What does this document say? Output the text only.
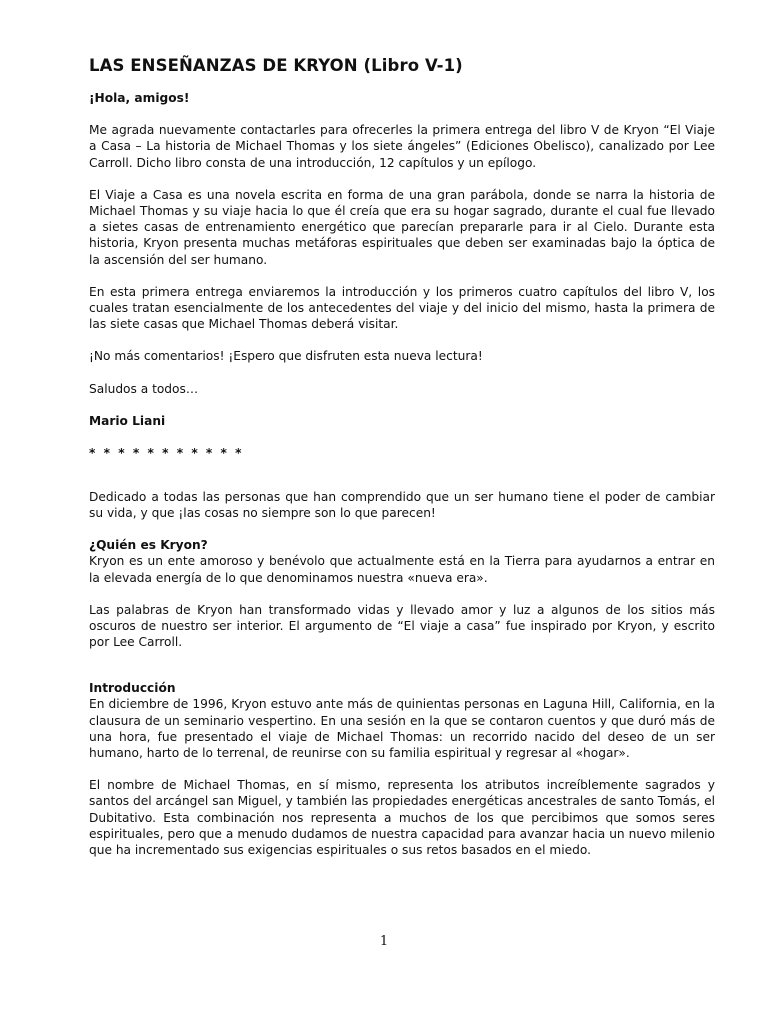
LAS ENSEÑANZAS DE KRYON (Libro V-1)

¡Hola, amigos!

Me agrada nuevamente contactarles para ofrecerles la primera entrega del libro V de Kryon “El Viaje a Casa – La historia de Michael Thomas y los siete ángeles” (Ediciones Obelisco), canalizado por Lee Carroll. Dicho libro consta de una introducción, 12 capítulos y un epílogo.

El Viaje a Casa es una novela escrita en forma de una gran parábola, donde se narra la historia de Michael Thomas y su viaje hacia lo que él creía que era su hogar sagrado, durante el cual fue llevado a sietes casas de entrenamiento energético que parecían prepararle para ir al Cielo. Durante esta historia, Kryon presenta muchas metáforas espirituales que deben ser examinadas bajo la óptica de la ascensión del ser humano.

En esta primera entrega enviaremos la introducción y los primeros cuatro capítulos del libro V, los cuales tratan esencialmente de los antecedentes del viaje y del inicio del mismo, hasta la primera de las siete casas que Michael Thomas deberá visitar.

¡No más comentarios! ¡Espero que disfruten esta nueva lectura!

Saludos a todos…

Mario Liani

* * * * * * * * * * *

Dedicado a todas las personas que han comprendido que un ser humano tiene el poder de cambiar su vida, y que ¡las cosas no siempre son lo que parecen!

¿Quién es Kryon?

Kryon es un ente amoroso y benévolo que actualmente está en la Tierra para ayudarnos a entrar en la elevada energía de lo que denominamos nuestra «nueva era».

Las palabras de Kryon han transformado vidas y llevado amor y luz a algunos de los sitios más oscuros de nuestro ser interior. El argumento de “El viaje a casa” fue inspirado por Kryon, y escrito por Lee Carroll.

Introducción

En diciembre de 1996, Kryon estuvo ante más de quinientas personas en Laguna Hill, California, en la clausura de un seminario vespertino. En una sesión en la que se contaron cuentos y que duró más de una hora, fue presentado el viaje de Michael Thomas: un recorrido nacido del deseo de un ser humano, harto de lo terrenal, de reunirse con su familia espiritual y regresar al «hogar».

El nombre de Michael Thomas, en sí mismo, representa los atributos increíblemente sagrados y santos del arcángel san Miguel, y también las propiedades energéticas ancestrales de santo Tomás, el Dubitativo. Esta combinación nos representa a muchos de los que percibimos que somos seres espirituales, pero que a menudo dudamos de nuestra capacidad para avanzar hacia un nuevo milenio que ha incrementado sus exigencias espirituales o sus retos basados en el miedo.

1
